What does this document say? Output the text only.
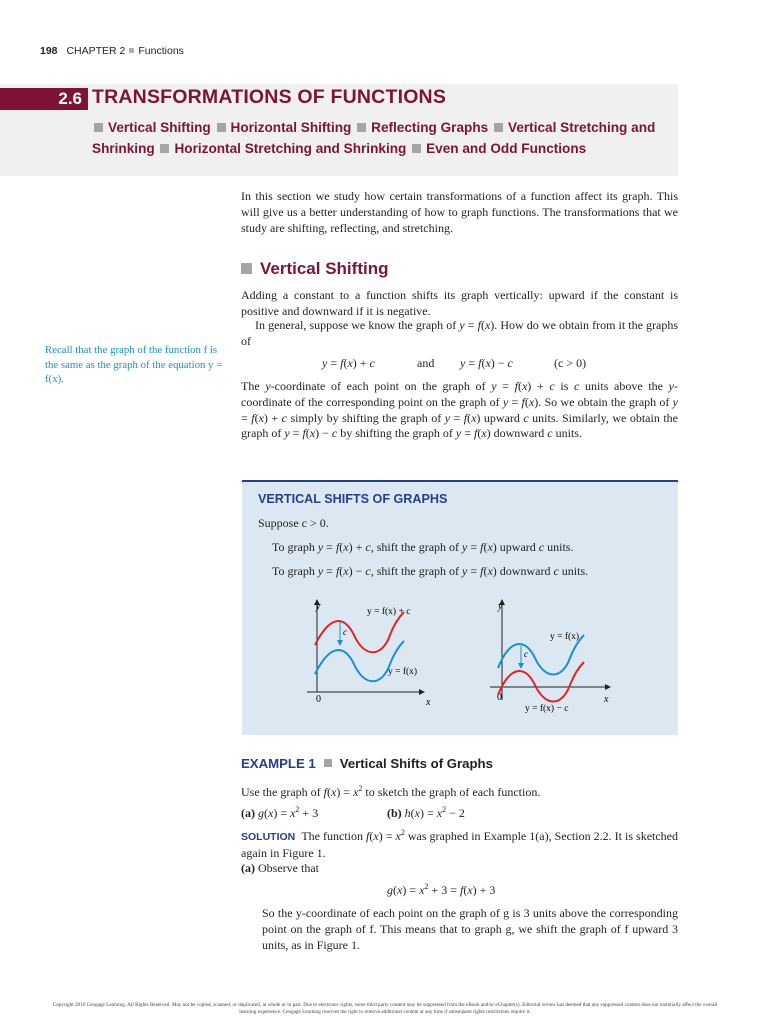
198 CHAPTER 2 Functions
2.6 TRANSFORMATIONS OF FUNCTIONS
Vertical Shifting Horizontal Shifting Reflecting Graphs Vertical Stretching and Shrinking Horizontal Stretching and Shrinking Even and Odd Functions
In this section we study how certain transformations of a function affect its graph. This will give us a better understanding of how to graph functions. The transformations that we study are shifting, reflecting, and stretching.
Vertical Shifting
Adding a constant to a function shifts its graph vertically: upward if the constant is positive and downward if it is negative.
In general, suppose we know the graph of y = f(x). How do we obtain from it the graphs of
y = f(x) + c	and y = f(x) − c	(c > 0)
The y-coordinate of each point on the graph of y = f(x) + c is c units above the y-coordinate of the corresponding point on the graph of y = f(x). So we obtain the graph of y = f(x) + c simply by shifting the graph of y = f(x) upward c units. Similarly, we obtain the graph of y = f(x) − c by shifting the graph of y = f(x) downward c units.
Recall that the graph of the function f is the same as the graph of the equation y = f(x).
VERTICAL SHIFTS OF GRAPHS
Suppose c > 0.
To graph y = f(x) + c, shift the graph of y = f(x) upward c units.
To graph y = f(x) − c, shift the graph of y = f(x) downward c units.
y
x
0
c
y = f(x) + c
y = f(x)
y
x
0
c
y = f(x)
y = f(x) − c
EXAMPLE 1 Vertical Shifts of Graphs
Use the graph of $f(x) = x^2$ to sketch the graph of each function.
(a) $g(x) = x^2 + 3$	(b) $h(x) = x^2 - 2$
SOLUTION The function $f(x) = x^2$ was graphed in Example 1(a), Section 2.2. It is sketched again in Figure 1.
(a) Observe that
$g(x) = x^2 + 3 = f(x) + 3$
So the y-coordinate of each point on the graph of g is 3 units above the corresponding point on the graph of f. This means that to graph g, we shift the graph of f upward 3 units, as in Figure 1.
Copyright 2016 Cengage Learning. All Rights Reserved. May not be copied, scanned, or duplicated, in whole or in part. Due to electronic rights, some third party content may be suppressed from the eBook and/or eChapter(s). Editorial review has deemed that any suppressed content does not materially affect the overall learning experience. Cengage Learning reserves the right to remove additional content at any time if subsequent rights restrictions require it.
